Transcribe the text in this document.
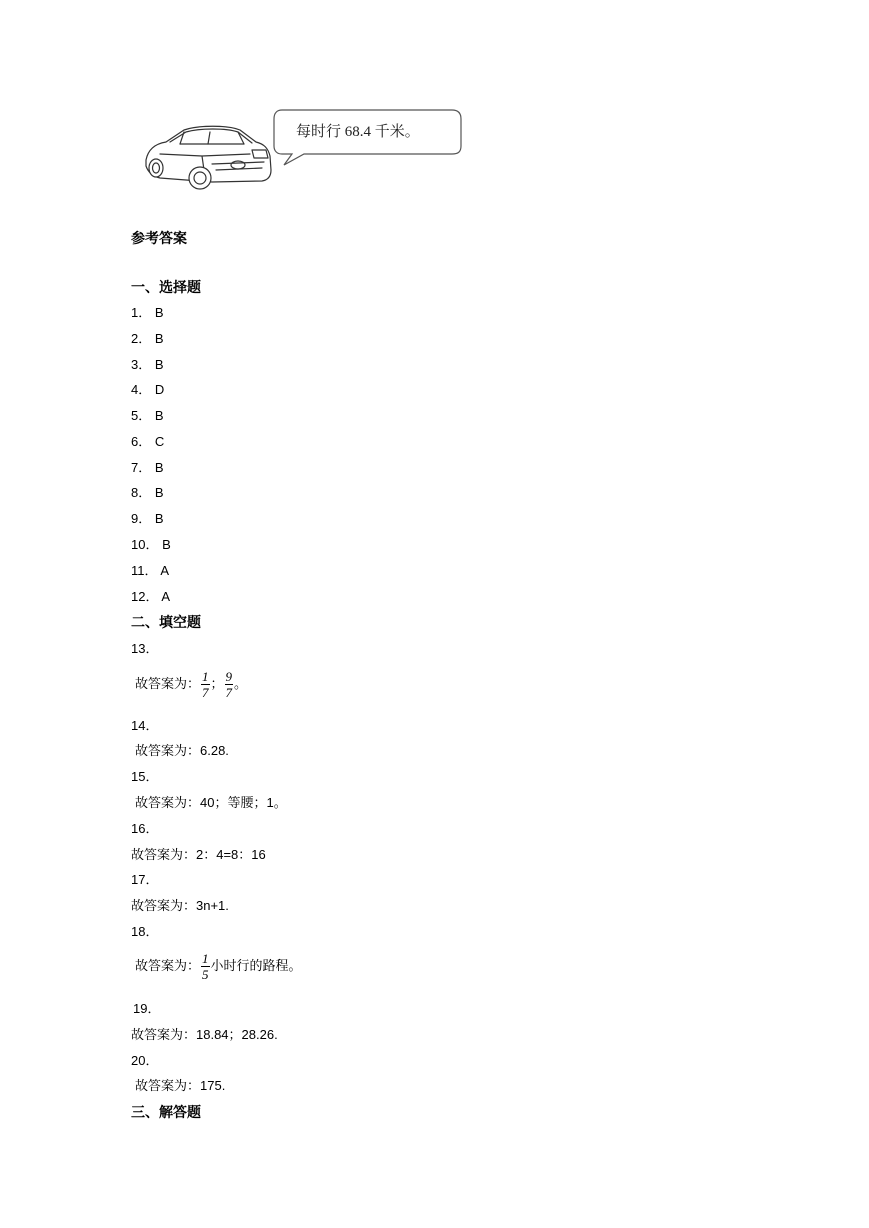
每时行 68.4 千米。
参考答案
一、选择题
1． B
2． B
3． B
4． D
5． B
6． C
7． B
8． B
9． B
10． B
11． A
12． A
二、填空题
13．
故答案为： $\frac{1}{7}$ ； $\frac{9}{7}$ 。
14．
故答案为：6.28.
15．
故答案为：40；等腰；1。
16．
故答案为：2：4=8：16
17．
故答案为：3n+1.
18．
故答案为： $\frac{1}{5}$ 小时行的路程。
19．
故答案为：18.84；28.26.
20．
故答案为：175.
三、解答题
